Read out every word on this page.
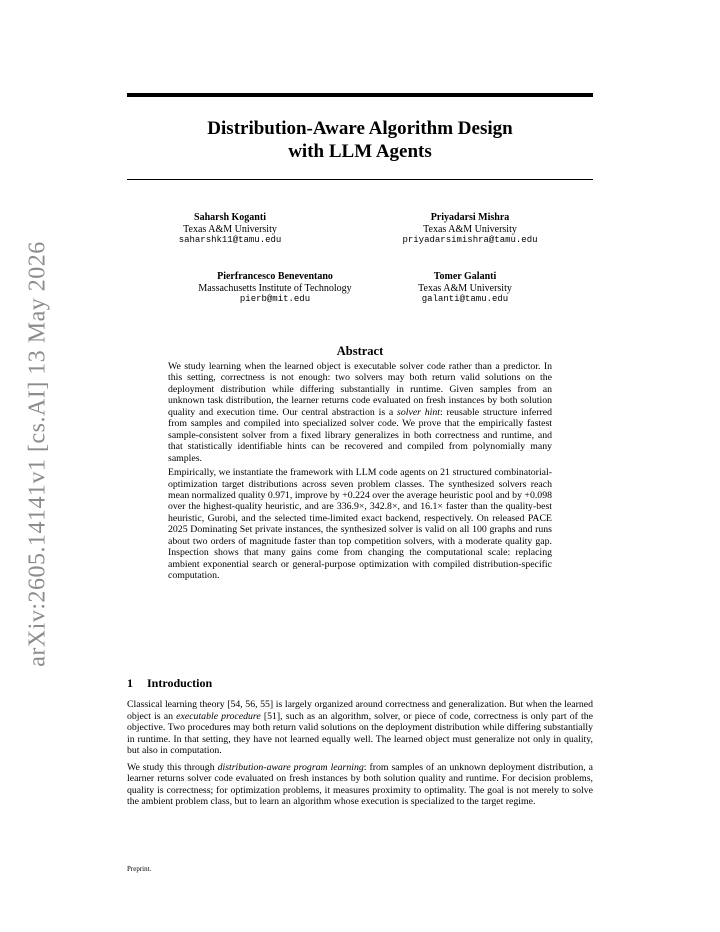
arXiv:2605.14141v1 [cs.AI] 13 May 2026
Distribution-Aware Algorithm Design
with LLM Agents
Saharsh Koganti
Texas A&M University
saharshk11@tamu.edu
Priyadarsi Mishra
Texas A&M University
priyadarsimishra@tamu.edu
Pierfrancesco Beneventano
Massachusetts Institute of Technology
pierb@mit.edu
Tomer Galanti
Texas A&M University
galanti@tamu.edu
Abstract

We study learning when the learned object is executable solver code rather than a predictor. In this setting, correctness is not enough: two solvers may both return valid solutions on the deployment distribution while differing substantially in runtime. Given samples from an unknown task distribution, the learner returns code evaluated on fresh instances by both solution quality and execution time. Our central abstraction is a solver hint: reusable structure inferred from samples and compiled into specialized solver code. We prove that the empirically fastest sample-consistent solver from a fixed library generalizes in both correctness and runtime, and that statistically identifiable hints can be recovered and compiled from polynomially many samples.

Empirically, we instantiate the framework with LLM code agents on 21 structured combinatorial-optimization target distributions across seven problem classes. The synthesized solvers reach mean normalized quality 0.971, improve by +0.224 over the average heuristic pool and by +0.098 over the highest-quality heuristic, and are 336.9×, 342.8×, and 16.1× faster than the quality-best heuristic, Gurobi, and the selected time-limited exact backend, respectively. On released PACE 2025 Dominating Set private instances, the synthesized solver is valid on all 100 graphs and runs about two orders of magnitude faster than top competition solvers, with a moderate quality gap. Inspection shows that many gains come from changing the computational scale: replacing ambient exponential search or general-purpose optimization with compiled distribution-specific computation.

1 Introduction

Classical learning theory [54, 56, 55] is largely organized around correctness and generalization. But when the learned object is an executable procedure [51], such as an algorithm, solver, or piece of code, correctness is only part of the objective. Two procedures may both return valid solutions on the deployment distribution while differing substantially in runtime. In that setting, they have not learned equally well. The learned object must generalize not only in quality, but also in computation.

We study this through distribution-aware program learning: from samples of an unknown deployment distribution, a learner returns solver code evaluated on fresh instances by both solution quality and runtime. For decision problems, quality is correctness; for optimization problems, it measures proximity to optimality. The goal is not merely to solve the ambient problem class, but to learn an algorithm whose execution is specialized to the target regime.

Preprint.
